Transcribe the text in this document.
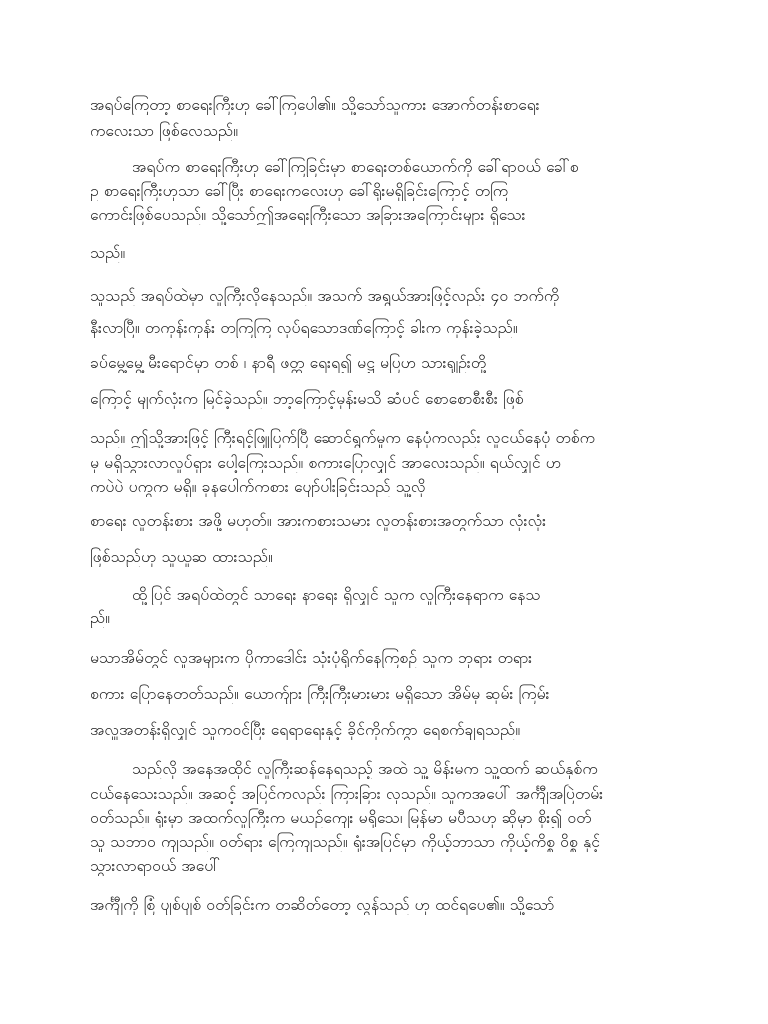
အရပ်ကြေတာ့ စာရေးကြီးဟု ခေါ်ကြပေါ၏။ သို့သော်သူကား အောက်တန်းစာရေး
ကလေးသာ ဖြစ်လေသည်။
အရပ်က စာရေးကြီးဟု ခေါ်ကြခြင်းမှာ စာရေးတစ်ယောက်ကို ခေါ်ရာဝယ် ခေါ်စ
ဥ စာရေးကြီးဟုသာ ခေါ်ပြီး စာရေးကလေးဟု ခေါ်ရိုးမရှိခြင်းကြောင့် တကြ
ကောင်းဖြစ်ပေသည်။ သို့သော်ဤအရေးကြီးသော အခြားအကြောင်းများ ရှိသေး
သည်။
သူသည် အရပ်ထဲမှာ လူကြီးလိုနေသည်။ အသက် အရွယ်အားဖြင့်လည်း ၄၀ ဘက်ကို
နီးလာပြီ။ တကုန်းကုန်း တကြကြ လုပ်ရသောဒဏ်ကြောင့် ခါးက ကုန်းခဲ့သည်။
ခပ်မွေ့မွေ့ မီးရောင်မှာ တစ် ၊ နာရီ ဖတ္တ ရေးရ၍ မဋ္ဌ မပြဟ သားရျဉ်းတို့
ကြောင့် မျက်လုံးက မြင်ခဲ့သည်။ ဘာ့ကြောင့်မှန်းမသိ ဆံပင် စောစောစီးစီး ဖြစ်
သည်။ ဤသို့အားဖြင့် ကြီးရင့်ဖြူပြက်ပြီ ဆောင်ရွက်မှုက နေပုံကလည်း လူငယ်နေပုံ တစ်က
မှ မရှိသွားလာလှုပ်ရှား ပေါ့ကြေးသည်။ စကားပြောလျှင် အာလေးသည်။ ရယ်လျှင် ဟ
ကပဲပဲ ပကွက မရှိ။ ခုနပေါက်ကစား ပျော်ပါးခြင်းသည် သူ့လို
စာရေး လူတန်းစား အဖို့ မဟုတ်။ အားကစားသမား လူတန်းစားအတွက်သာ လုံးလုံး
ဖြစ်သည်ဟု သူယူဆ ထားသည်။
ထို့ပြင် အရပ်ထဲတွင် သာရေး နာရေး ရှိလျှင် သူက လူကြီးနေရာက နေသ
ည်။
မသာအိမ်တွင် လူအများက ပိုကာဒေါင်း သုံးပုံရိုက်နေကြစဉ် သူက ဘုရား တရား
စကား ပြောနေတတ်သည်။ ယောက်ျား ကြီးကြီးမားမား မရှိသော အိမ်မှ ဆုမ်း ကြမ်း
အလှူအတန်းရှိလျှင် သူကဝင်ပြီး ရေရာရေးနှင့် ခိုင်ကိုက်ကွာ ရေစက်ချရသည်။
သည်လို အနေအထိုင် လူကြီးဆန်နေရသည့် အထဲ သူ့ မိန်းမက သူ့ထက် ဆယ်နှစ်က
ငယ်နေသေးသည်။ အဆင့် အပြင်ကလည်း ကြားခြား လှသည်။ သူကအပေါ် အင်္ကျီအပြဲတမ်း
ဝတ်သည်။ ရုံးမှာ အထက်လူကြီးက မယဉ်ကျေး မရိုသေ၊ မြန်မာ မပီသဟု ဆိုမှာ စိုး၍ ဝတ်
သူ သဘာဝ ကျသည်။ ဝတ်ရား ကြေကျသည်။ ရုံးအပြင်မှာ ကိုယ့်ဘာသာ ကိုယ့်ကိစ္စ ဝိစ္စ နှင့်
သွားလာရာဝယ် အပေါ်
အင်္ကျီကို စြံ ပျစ်ပျစ် ဝတ်ခြင်းက တဆိတ်တော့ လွန်သည် ဟု ထင်ရပေ၏။ သို့သော်
